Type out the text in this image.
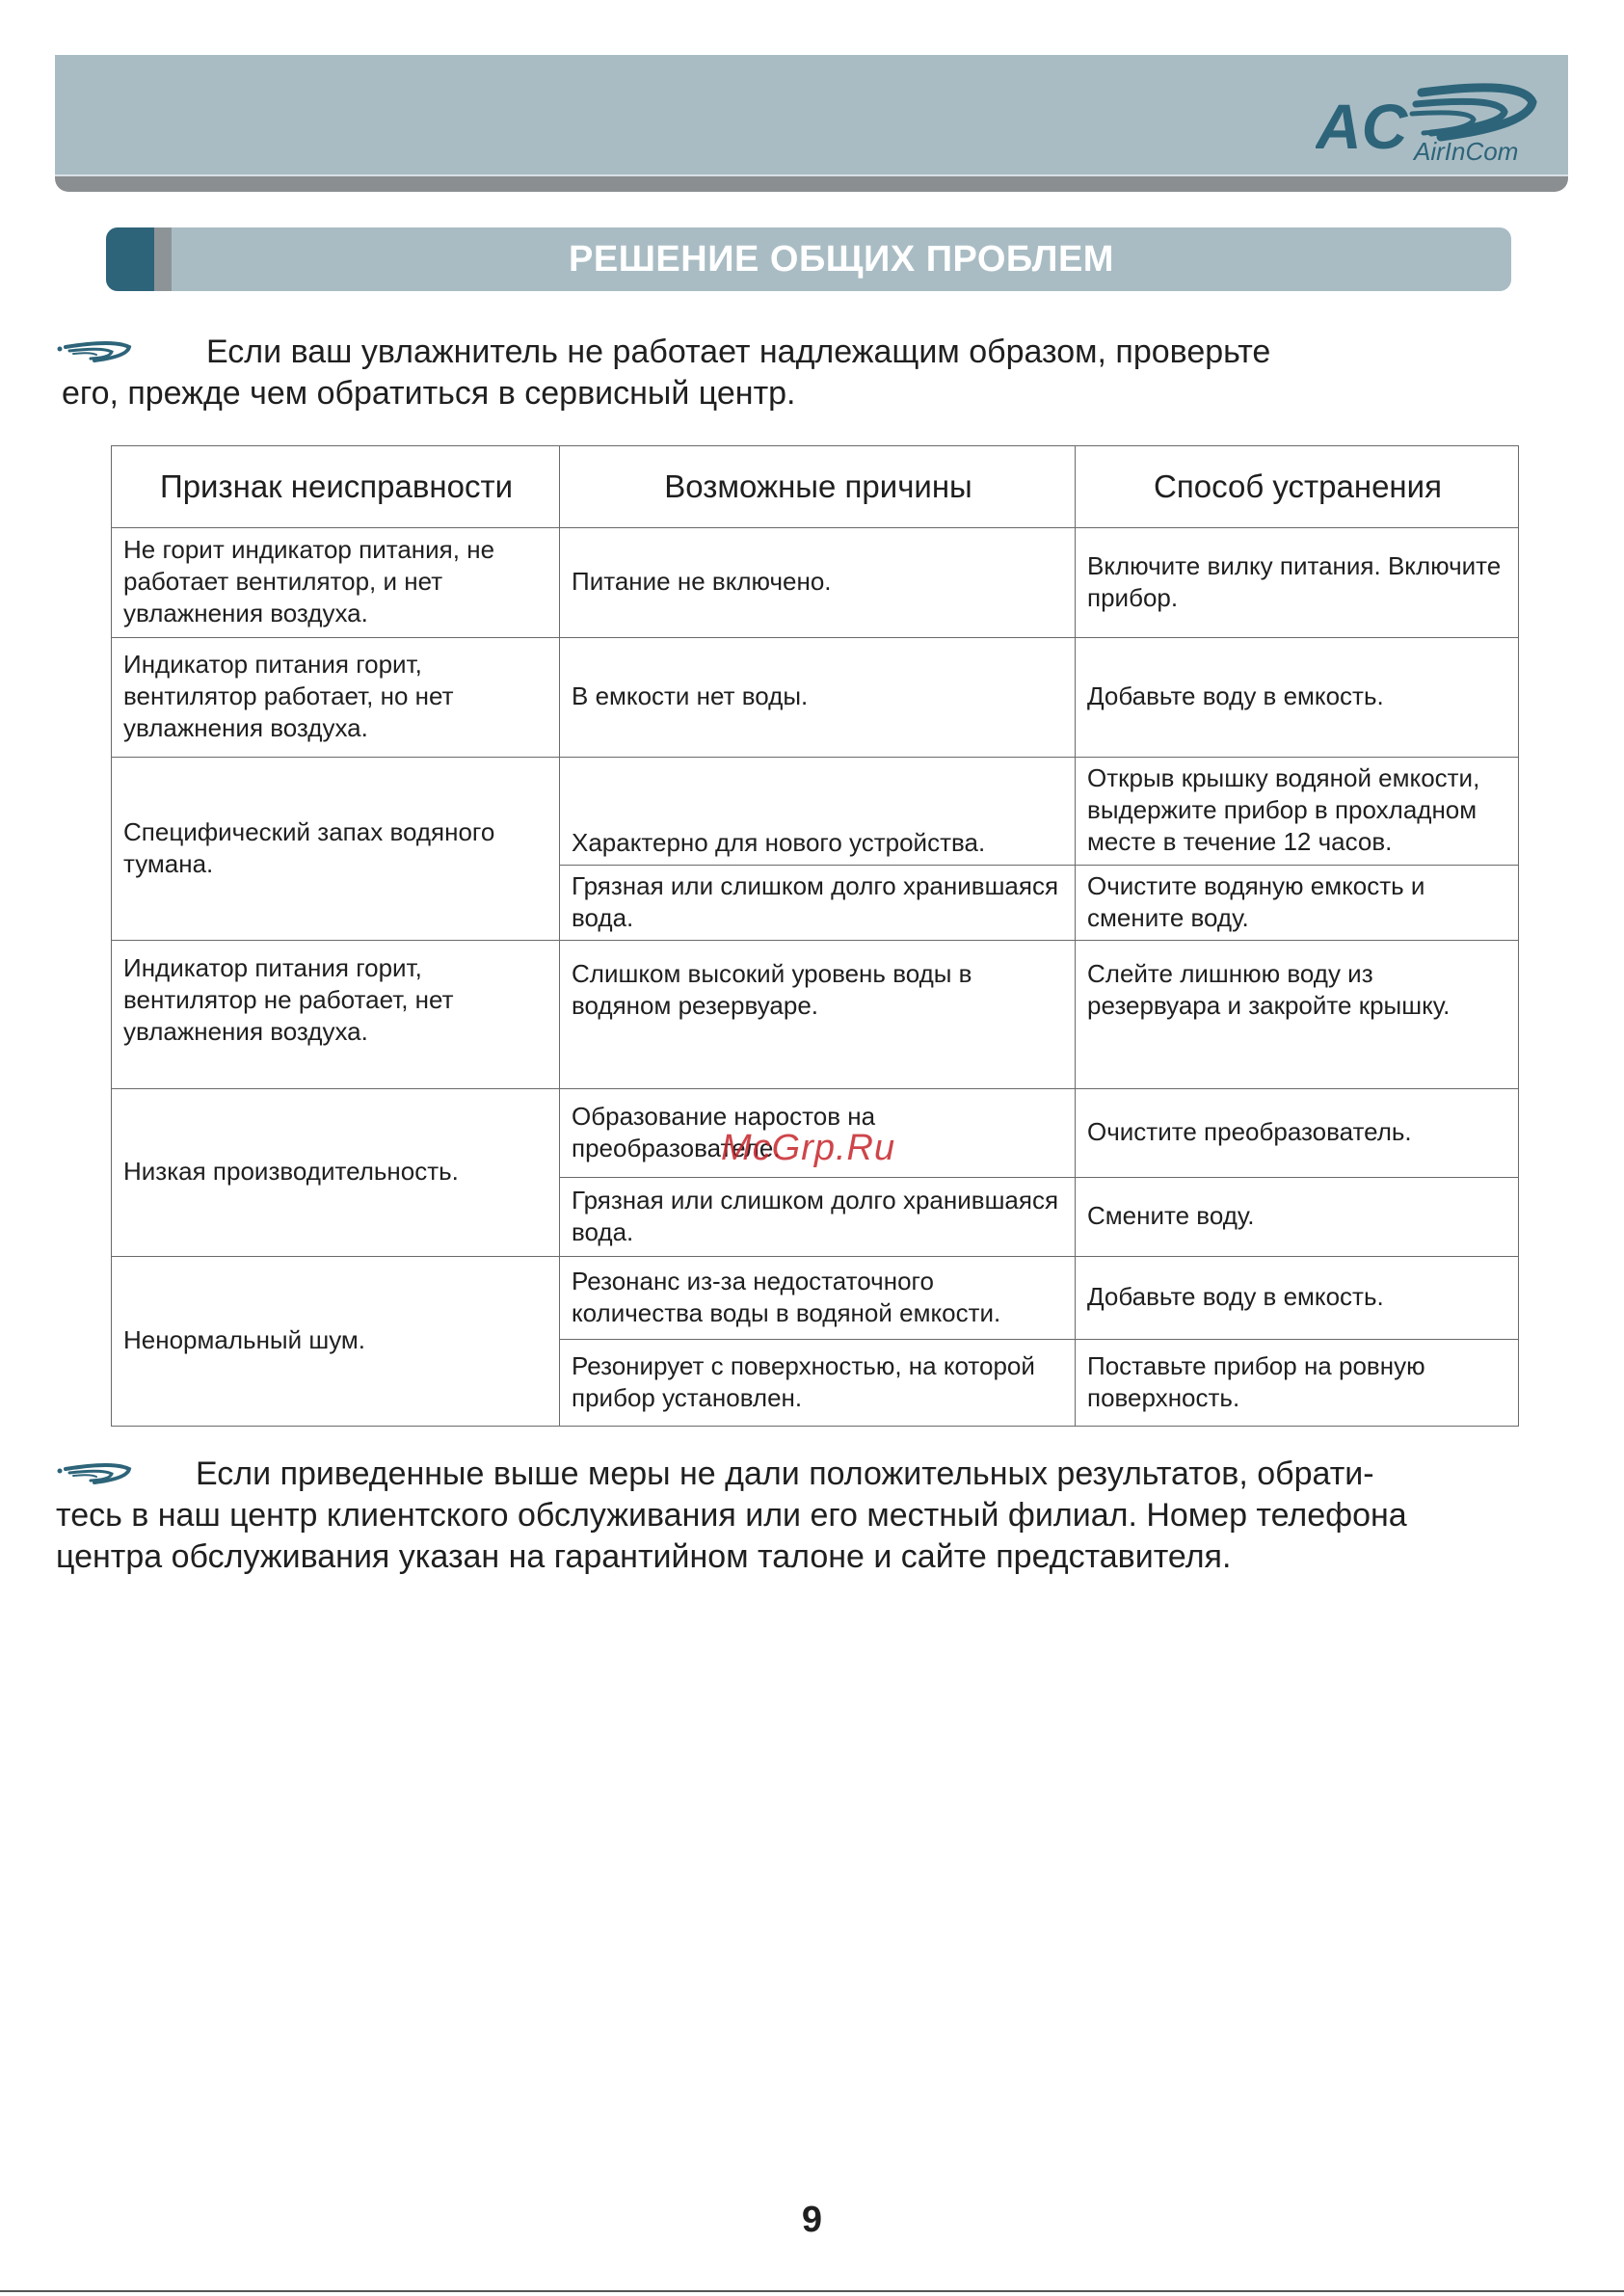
AC AirInCom
РЕШЕНИЕ ОБЩИХ ПРОБЛЕМ

Если ваш увлажнитель не работает надлежащим образом, проверьте
его, прежде чем обратиться в сервисный центр.

Признак неисправности	Возможные причины	Способ устранения
Не горит индикатор питания, не работает вентилятор, и нет увлажнения воздуха.	Питание не включено.	Включите вилку питания. Включите прибор.
Индикатор питания горит, вентилятор работает, но нет увлажнения воздуха.	В емкости нет воды.	Добавьте воду в емкость.
Специфический запах водяного тумана.	Характерно для нового устройства.	Открыв крышку водяной емкости, выдержите прибор в прохладном месте в течение 12 часов.
	Грязная или слишком долго хранившаяся вода.	Очистите водяную емкость и смените воду.
Индикатор питания горит, вентилятор не работает, нет увлажнения воздуха.	Слишком высокий уровень воды в водяном резервуаре.	Слейте лишнюю воду из резервуара и закройте крышку.
Низкая производительность.	Образование наростов на преобразователе.	Очистите преобразователь.
	Грязная или слишком долго хранившаяся вода.	Смените воду.
Ненормальный шум.	Резонанс из-за недостаточного количества воды в водяной емкости.	Добавьте воду в емкость.
	Резонирует с поверхностью, на которой прибор установлен.	Поставьте прибор на ровную поверхность.
McGrp.Ru

Если приведенные выше меры не дали положительных результатов, обрати-
тесь в наш центр клиентского обслуживания или его местный филиал. Номер телефона центра обслуживания указан на гарантийном талоне и сайте представителя.

9
